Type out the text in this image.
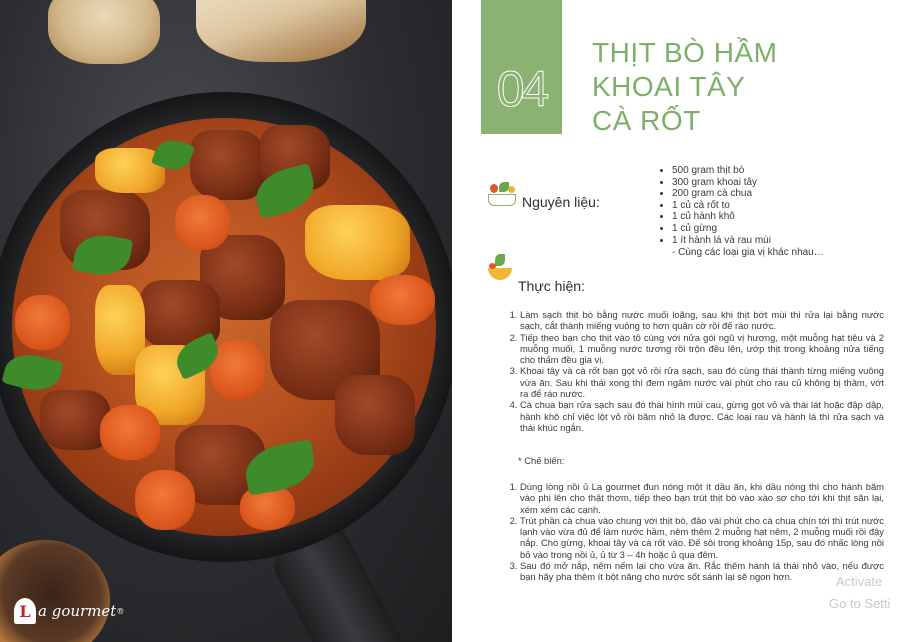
L a gourmet ®
04
THỊT BÒ HẦM
KHOAI TÂY
CÀ RỐT
Nguyên liệu:
• 500 gram thịt bò
• 300 gram khoai tây
• 200 gram cà chua
• 1 củ cà rốt to
• 1 củ hành khô
• 1 củ gừng
• 1 ít hành lá và rau mùi
- Cùng các loại gia vị khác nhau…
Thực hiện:
1. Làm sạch thịt bò bằng nước muối loãng, sau khi thịt bớt mùi thì rửa lại bằng nước sạch, cắt thành miếng vuông to hơn quân cờ rồi để ráo nước.
2. Tiếp theo bạn cho thịt vào tô cùng với nửa gói ngũ vị hương, một muỗng hạt tiêu và 2 muỗng muối, 1 muỗng nước tương rồi trộn đều lên, ướp thịt trong khoảng nửa tiếng cho thấm đều gia vị.
3. Khoai tây và cà rốt bạn gọt vỏ rồi rửa sạch, sau đó cùng thái thành từng miếng vuông vừa ăn. Sau khi thái xong thì đem ngâm nước vài phút cho rau củ không bị thâm, vớt ra để ráo nước.
4. Cà chua bạn rửa sạch sau đó thái hình múi cau, gừng gọt vỏ và thái lát hoặc đập dập, hành khô chỉ việc lột vỏ rồi băm nhỏ là được. Các loại rau và hành lá thì rửa sạch và thái khúc ngắn.
* Chế biến:
1. Dùng lòng nồi ủ La gourmet đun nóng một ít dầu ăn, khi dầu nóng thì cho hành băm vào phi lên cho thật thơm, tiếp theo bạn trút thịt bò vào xào sơ cho tới khi thịt săn lại, xém xém các cạnh.
2. Trút phần cà chua vào chung với thịt bò, đảo vài phút cho cà chua chín tới thì trút nước lạnh vào vừa đủ để làm nước hầm, nêm thêm 2 muỗng hạt nêm, 2 muỗng muối rồi đậy nắp. Cho gừng, khoai tây và cà rốt vào. Để sôi trong khoảng 15p, sau đó nhấc lòng nồi bỏ vào trong nồi ủ, ủ từ 3 – 4h hoặc ủ qua đêm.
3. Sau đó mở nắp, nêm nếm lại cho vừa ăn. Rắc thêm hành lá thái nhỏ vào, nếu được bạn hãy pha thêm ít bột năng cho nước sốt sánh lại sẽ ngon hơn.	Activate
Go to Setti
